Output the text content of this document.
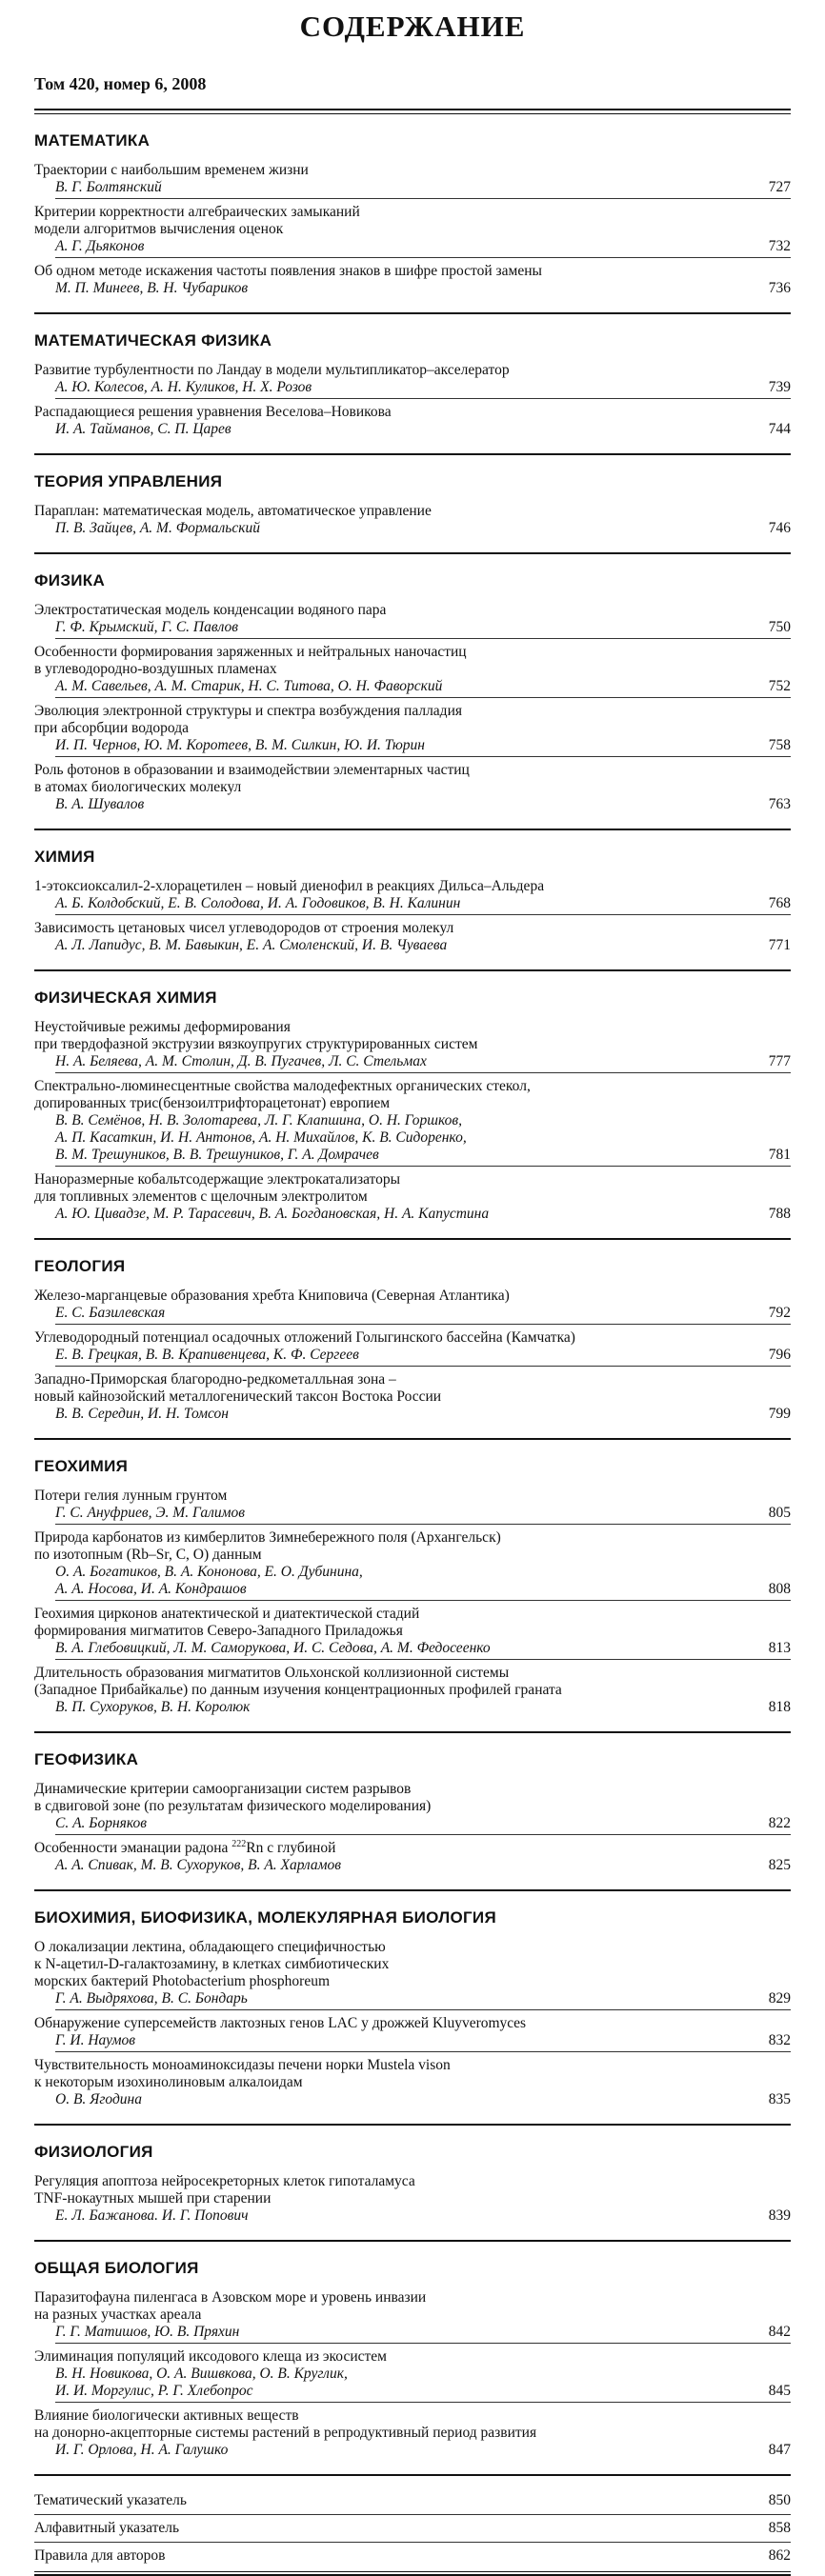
СОДЕРЖАНИЕ
Том 420, номер 6, 2008
МАТЕМАТИКА
Траектории с наибольшим временем жизни
В. Г. Болтянский	727
Критерии корректности алгебраических замыканий
модели алгоритмов вычисления оценок
А. Г. Дьяконов	732
Об одном методе искажения частоты появления знаков в шифре простой замены
М. П. Минеев, В. Н. Чубариков	736
МАТЕМАТИЧЕСКАЯ ФИЗИКА
Развитие турбулентности по Ландау в модели мультипликатор–акселератор
А. Ю. Колесов, А. Н. Куликов, Н. Х. Розов	739
Распадающиеся решения уравнения Веселова–Новикова
И. А. Тайманов, С. П. Царев	744
ТЕОРИЯ УПРАВЛЕНИЯ
Параплан: математическая модель, автоматическое управление
П. В. Зайцев, А. М. Формальский	746
ФИЗИКА
Электростатическая модель конденсации водяного пара
Г. Ф. Крымский, Г. С. Павлов	750
Особенности формирования заряженных и нейтральных наночастиц
в углеводородно-воздушных пламенах
А. М. Савельев, А. М. Старик, Н. С. Титова, О. Н. Фаворский	752
Эволюция электронной структуры и спектра возбуждения палладия
при абсорбции водорода
И. П. Чернов, Ю. М. Коротеев, В. М. Силкин, Ю. И. Тюрин	758
Роль фотонов в образовании и взаимодействии элементарных частиц
в атомах биологических молекул
В. А. Шувалов	763
ХИМИЯ
1-этоксиоксалил-2-хлорацетилен – новый диенофил в реакциях Дильса–Альдера
А. Б. Колдобский, Е. В. Солодова, И. А. Годовиков, В. Н. Калинин	768
Зависимость цетановых чисел углеводородов от строения молекул
А. Л. Лапидус, В. М. Бавыкин, Е. А. Смоленский, И. В. Чуваева	771
ФИЗИЧЕСКАЯ ХИМИЯ
Неустойчивые режимы деформирования
при твердофазной экструзии вязкоупругих структурированных систем
Н. А. Беляева, А. М. Столин, Д. В. Пугачев, Л. С. Стельмах	777
Спектрально-люминесцентные свойства малодефектных органических стекол,
допированных трис(бензоилтрифторацетонат) европием
В. В. Семёнов, Н. В. Золотарева, Л. Г. Клапшина, О. Н. Горшков,
А. П. Касаткин, И. Н. Антонов, А. Н. Михайлов, К. В. Сидоренко,
В. М. Трешуников, В. В. Трешуников, Г. А. Домрачев	781
Наноразмерные кобальтсодержащие электрокатализаторы
для топливных элементов с щелочным электролитом
А. Ю. Цивадзе, М. Р. Тарасевич, В. А. Богдановская, Н. А. Капустина	788
ГЕОЛОГИЯ
Железо-марганцевые образования хребта Книповича (Северная Атлантика)
Е. С. Базилевская	792
Углеводородный потенциал осадочных отложений Голыгинского бассейна (Камчатка)
Е. В. Грецкая, В. В. Крапивенцева, К. Ф. Сергеев	796
Западно-Приморская благородно-редкометалльная зона –
новый кайнозойский металлогенический таксон Востока России
В. В. Середин, И. Н. Томсон	799
ГЕОХИМИЯ
Потери гелия лунным грунтом
Г. С. Ануфриев, Э. М. Галимов	805
Природа карбонатов из кимберлитов Зимнебережного поля (Архангельск)
по изотопным (Rb–Sr, C, O) данным
О. А. Богатиков, В. А. Кононова, Е. О. Дубинина,
А. А. Носова, И. А. Кондрашов	808
Геохимия цирконов анатектической и диатектической стадий
формирования мигматитов Северо-Западного Приладожья
В. А. Глебовицкий, Л. М. Саморукова, И. С. Седова, А. М. Федосеенко	813
Длительность образования мигматитов Ольхонской коллизионной системы
(Западное Прибайкалье) по данным изучения концентрационных профилей граната
В. П. Сухоруков, В. Н. Королюк	818
ГЕОФИЗИКА
Динамические критерии самоорганизации систем разрывов
в сдвиговой зоне (по результатам физического моделирования)
С. А. Борняков	822
Особенности эманации радона $^{222}$Rn с глубиной
А. А. Спивак, М. В. Сухоруков, В. А. Харламов	825
БИОХИМИЯ, БИОФИЗИКА, МОЛЕКУЛЯРНАЯ БИОЛОГИЯ
О локализации лектина, обладающего специфичностью
к N-ацетил-D-галактозамину, в клетках симбиотических
морских бактерий Photobacterium phosphoreum
Г. А. Выдряхова, В. С. Бондарь	829
Обнаружение суперсемейств лактозных генов LAC у дрожжей Kluyveromyces
Г. И. Наумов	832
Чувствительность моноаминоксидазы печени норки Mustela vison
к некоторым изохинолиновым алкалоидам
О. В. Ягодина	835
ФИЗИОЛОГИЯ
Регуляция апоптоза нейросекреторных клеток гипоталамуса
TNF-нокаутных мышей при старении
Е. Л. Бажанова. И. Г. Попович	839
ОБЩАЯ БИОЛОГИЯ
Паразитофауна пиленгаса в Азовском море и уровень инвазии
на разных участках ареала
Г. Г. Матишов, Ю. В. Пряхин	842
Элиминация популяций иксодового клеща из экосистем
В. Н. Новикова, О. А. Вишвкова, О. В. Круглик,
И. И. Моргулис, Р. Г. Хлебопрос	845
Влияние биологически активных веществ
на донорно-акцепторные системы растений в репродуктивный период развития
И. Г. Орлова, Н. А. Галушко	847
Тематический указатель	850
Алфавитный указатель	858
Правила для авторов	862
